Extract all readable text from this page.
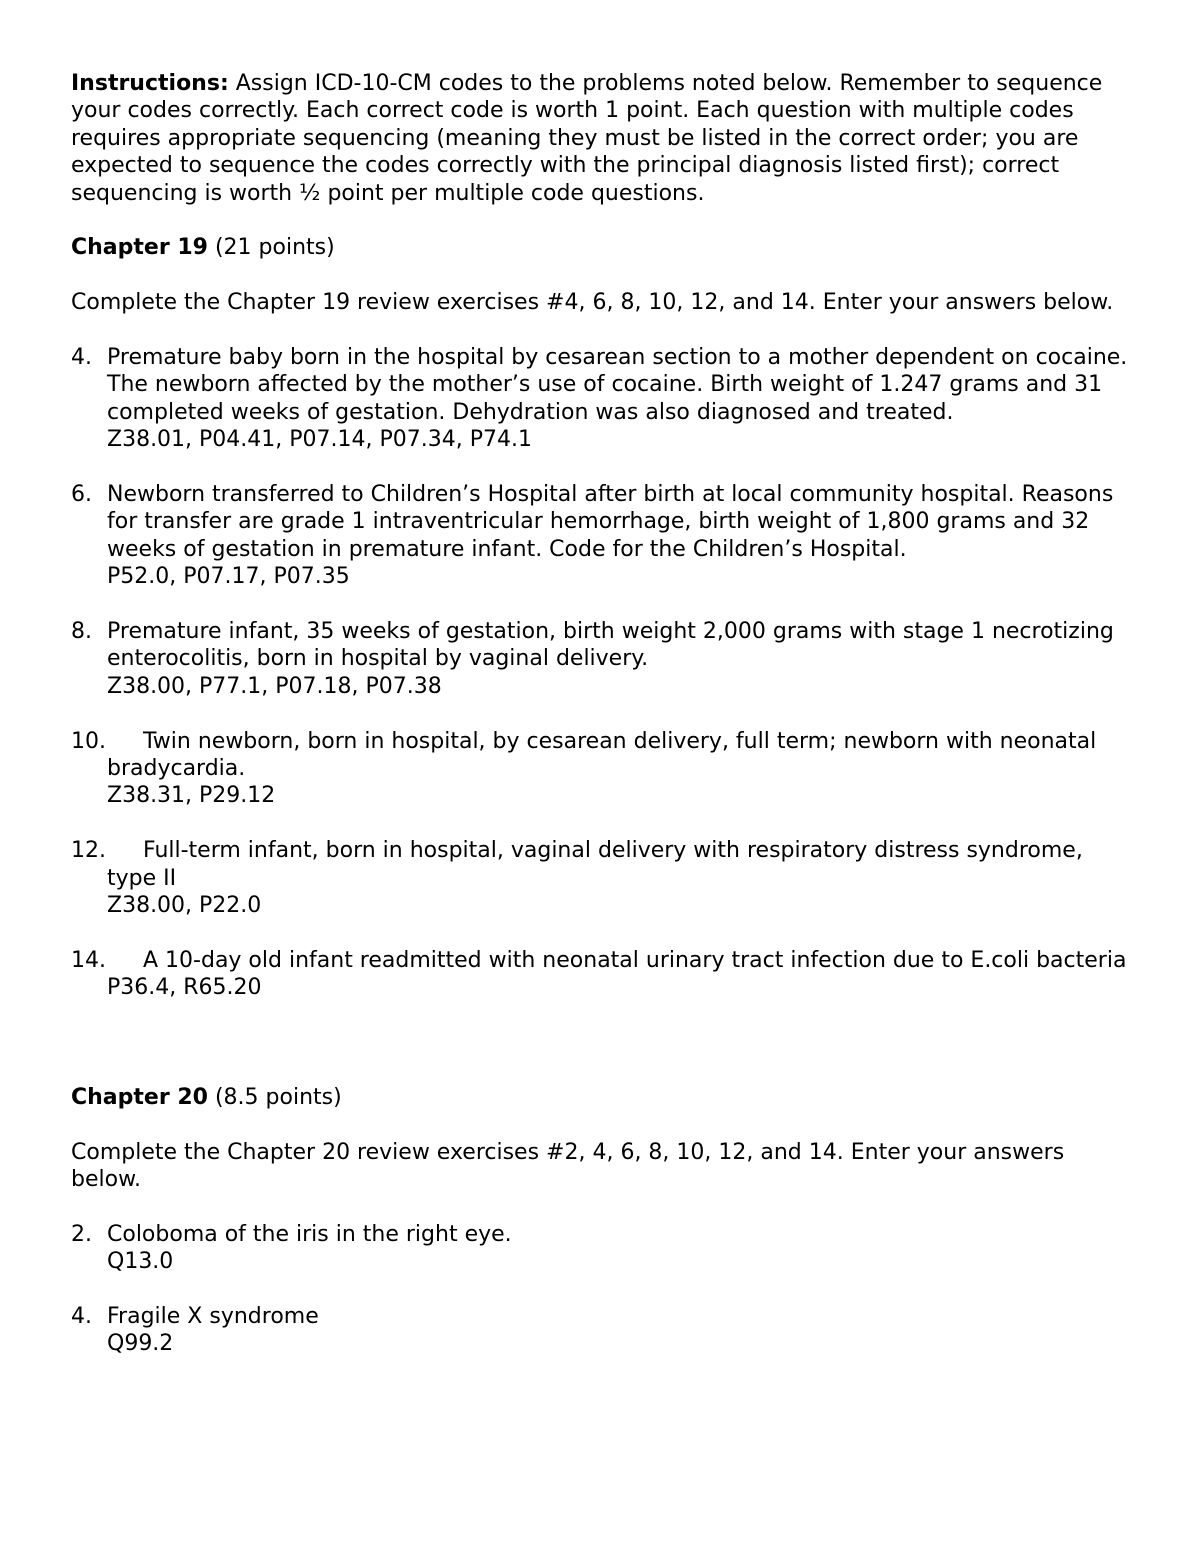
Instructions: Assign ICD-10-CM codes to the problems noted below. Remember to sequence your codes correctly. Each correct code is worth 1 point. Each question with multiple codes requires appropriate sequencing (meaning they must be listed in the correct order; you are expected to sequence the codes correctly with the principal diagnosis listed first); correct sequencing is worth ½ point per multiple code questions.

Chapter 19 (21 points)

Complete the Chapter 19 review exercises #4, 6, 8, 10, 12, and 14. Enter your answers below.

4. Premature baby born in the hospital by cesarean section to a mother dependent on cocaine. The newborn affected by the mother’s use of cocaine. Birth weight of 1.247 grams and 31 completed weeks of gestation. Dehydration was also diagnosed and treated.
Z38.01, P04.41, P07.14, P07.34, P74.1
6. Newborn transferred to Children’s Hospital after birth at local community hospital. Reasons for transfer are grade 1 intraventricular hemorrhage, birth weight of 1,800 grams and 32 weeks of gestation in premature infant. Code for the Children’s Hospital.
P52.0, P07.17, P07.35
8. Premature infant, 35 weeks of gestation, birth weight 2,000 grams with stage 1 necrotizing enterocolitis, born in hospital by vaginal delivery.
Z38.00, P77.1, P07.18, P07.38
10.	Twin newborn, born in hospital, by cesarean delivery, full term; newborn with neonatal bradycardia.
Z38.31, P29.12
12.	Full-term infant, born in hospital, vaginal delivery with respiratory distress syndrome, type II
Z38.00, P22.0
14.	A 10-day old infant readmitted with neonatal urinary tract infection due to E.coli bacteria
P36.4, R65.20

Chapter 20 (8.5 points)

Complete the Chapter 20 review exercises #2, 4, 6, 8, 10, 12, and 14. Enter your answers below.

2. Coloboma of the iris in the right eye.
Q13.0
4. Fragile X syndrome
Q99.2
